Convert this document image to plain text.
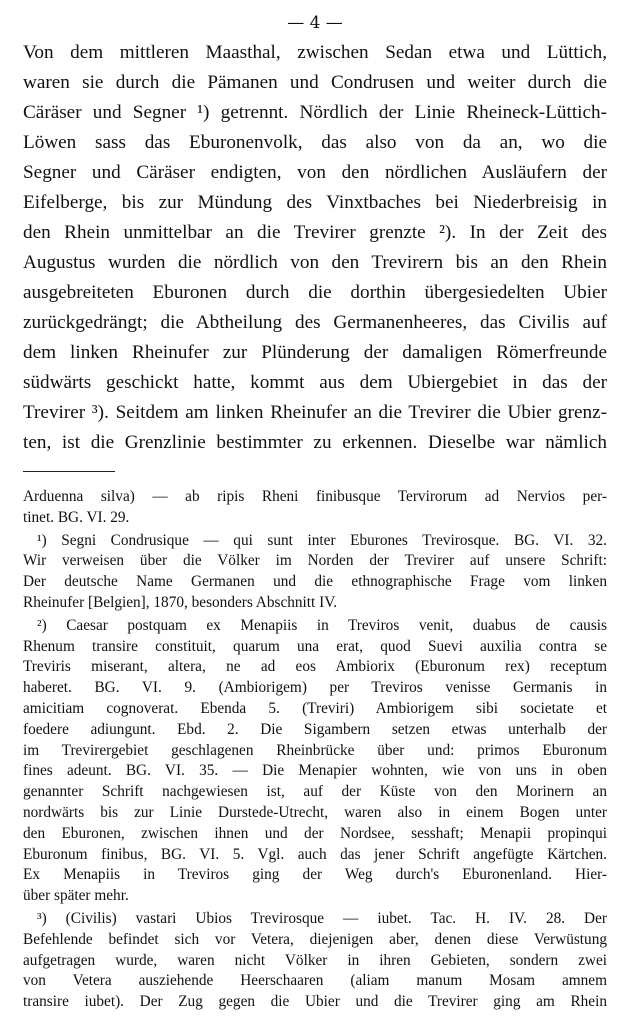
— 4 —
Von dem mittleren Maasthal, zwischen Sedan etwa und Lüttich,
waren sie durch die Pämanen und Condrusen und weiter durch die
Cäräser und Segner ¹) getrennt. Nördlich der Linie Rheineck-Lüttich-
Löwen sass das Eburonenvolk, das also von da an, wo die
Segner und Cäräser endigten, von den nördlichen Ausläufern der
Eifelberge, bis zur Mündung des Vinxtbaches bei Niederbreisig in
den Rhein unmittelbar an die Trevirer grenzte ²). In der Zeit des
Augustus wurden die nördlich von den Trevirern bis an den Rhein
ausgebreiteten Eburonen durch die dorthin übergesiedelten Ubier
zurückgedrängt; die Abtheilung des Germanenheeres, das Civilis auf
dem linken Rheinufer zur Plünderung der damaligen Römerfreunde
südwärts geschickt hatte, kommt aus dem Ubiergebiet in das der
Trevirer ³). Seitdem am linken Rheinufer an die Trevirer die Ubier grenz-
ten, ist die Grenzlinie bestimmter zu erkennen. Dieselbe war nämlich

Arduenna silva) — ab ripis Rheni finibusque Tervirorum ad Nervios per-
tinet. BG. VI. 29.

¹) Segni Condrusique — qui sunt inter Eburones Trevirosque. BG. VI. 32.
Wir verweisen über die Völker im Norden der Trevirer auf unsere Schrift:
Der deutsche Name Germanen und die ethnographische Frage vom linken
Rheinufer [Belgien], 1870, besonders Abschnitt IV.

²) Caesar postquam ex Menapiis in Treviros venit, duabus de causis
Rhenum transire constituit, quarum una erat, quod Suevi auxilia contra se
Treviris miserant, altera, ne ad eos Ambiorix (Eburonum rex) receptum
haberet. BG. VI. 9. (Ambiorigem) per Treviros venisse Germanis in
amicitiam cognoverat. Ebenda 5. (Treviri) Ambiorigem sibi societate et
foedere adiungunt. Ebd. 2. Die Sigambern setzen etwas unterhalb der
im Trevirergebiet geschlagenen Rheinbrücke über und: primos Eburonum
fines adeunt. BG. VI. 35. — Die Menapier wohnten, wie von uns in oben
genannter Schrift nachgewiesen ist, auf der Küste von den Morinern an
nordwärts bis zur Linie Durstede-Utrecht, waren also in einem Bogen unter
den Eburonen, zwischen ihnen und der Nordsee, sesshaft; Menapii propinqui
Eburonum finibus, BG. VI. 5. Vgl. auch das jener Schrift angefügte Kärtchen.
Ex Menapiis in Treviros ging der Weg durch's Eburonenland. Hier-
über später mehr.

³) (Civilis) vastari Ubios Trevirosque — iubet. Tac. H. IV. 28. Der
Befehlende befindet sich vor Vetera, diejenigen aber, denen diese Verwüstung
aufgetragen wurde, waren nicht Völker in ihren Gebieten, sondern zwei
von Vetera ausziehende Heerschaaren (aliam manum Mosam amnem
transire iubet). Der Zug gegen die Ubier und die Trevirer ging am Rhein
